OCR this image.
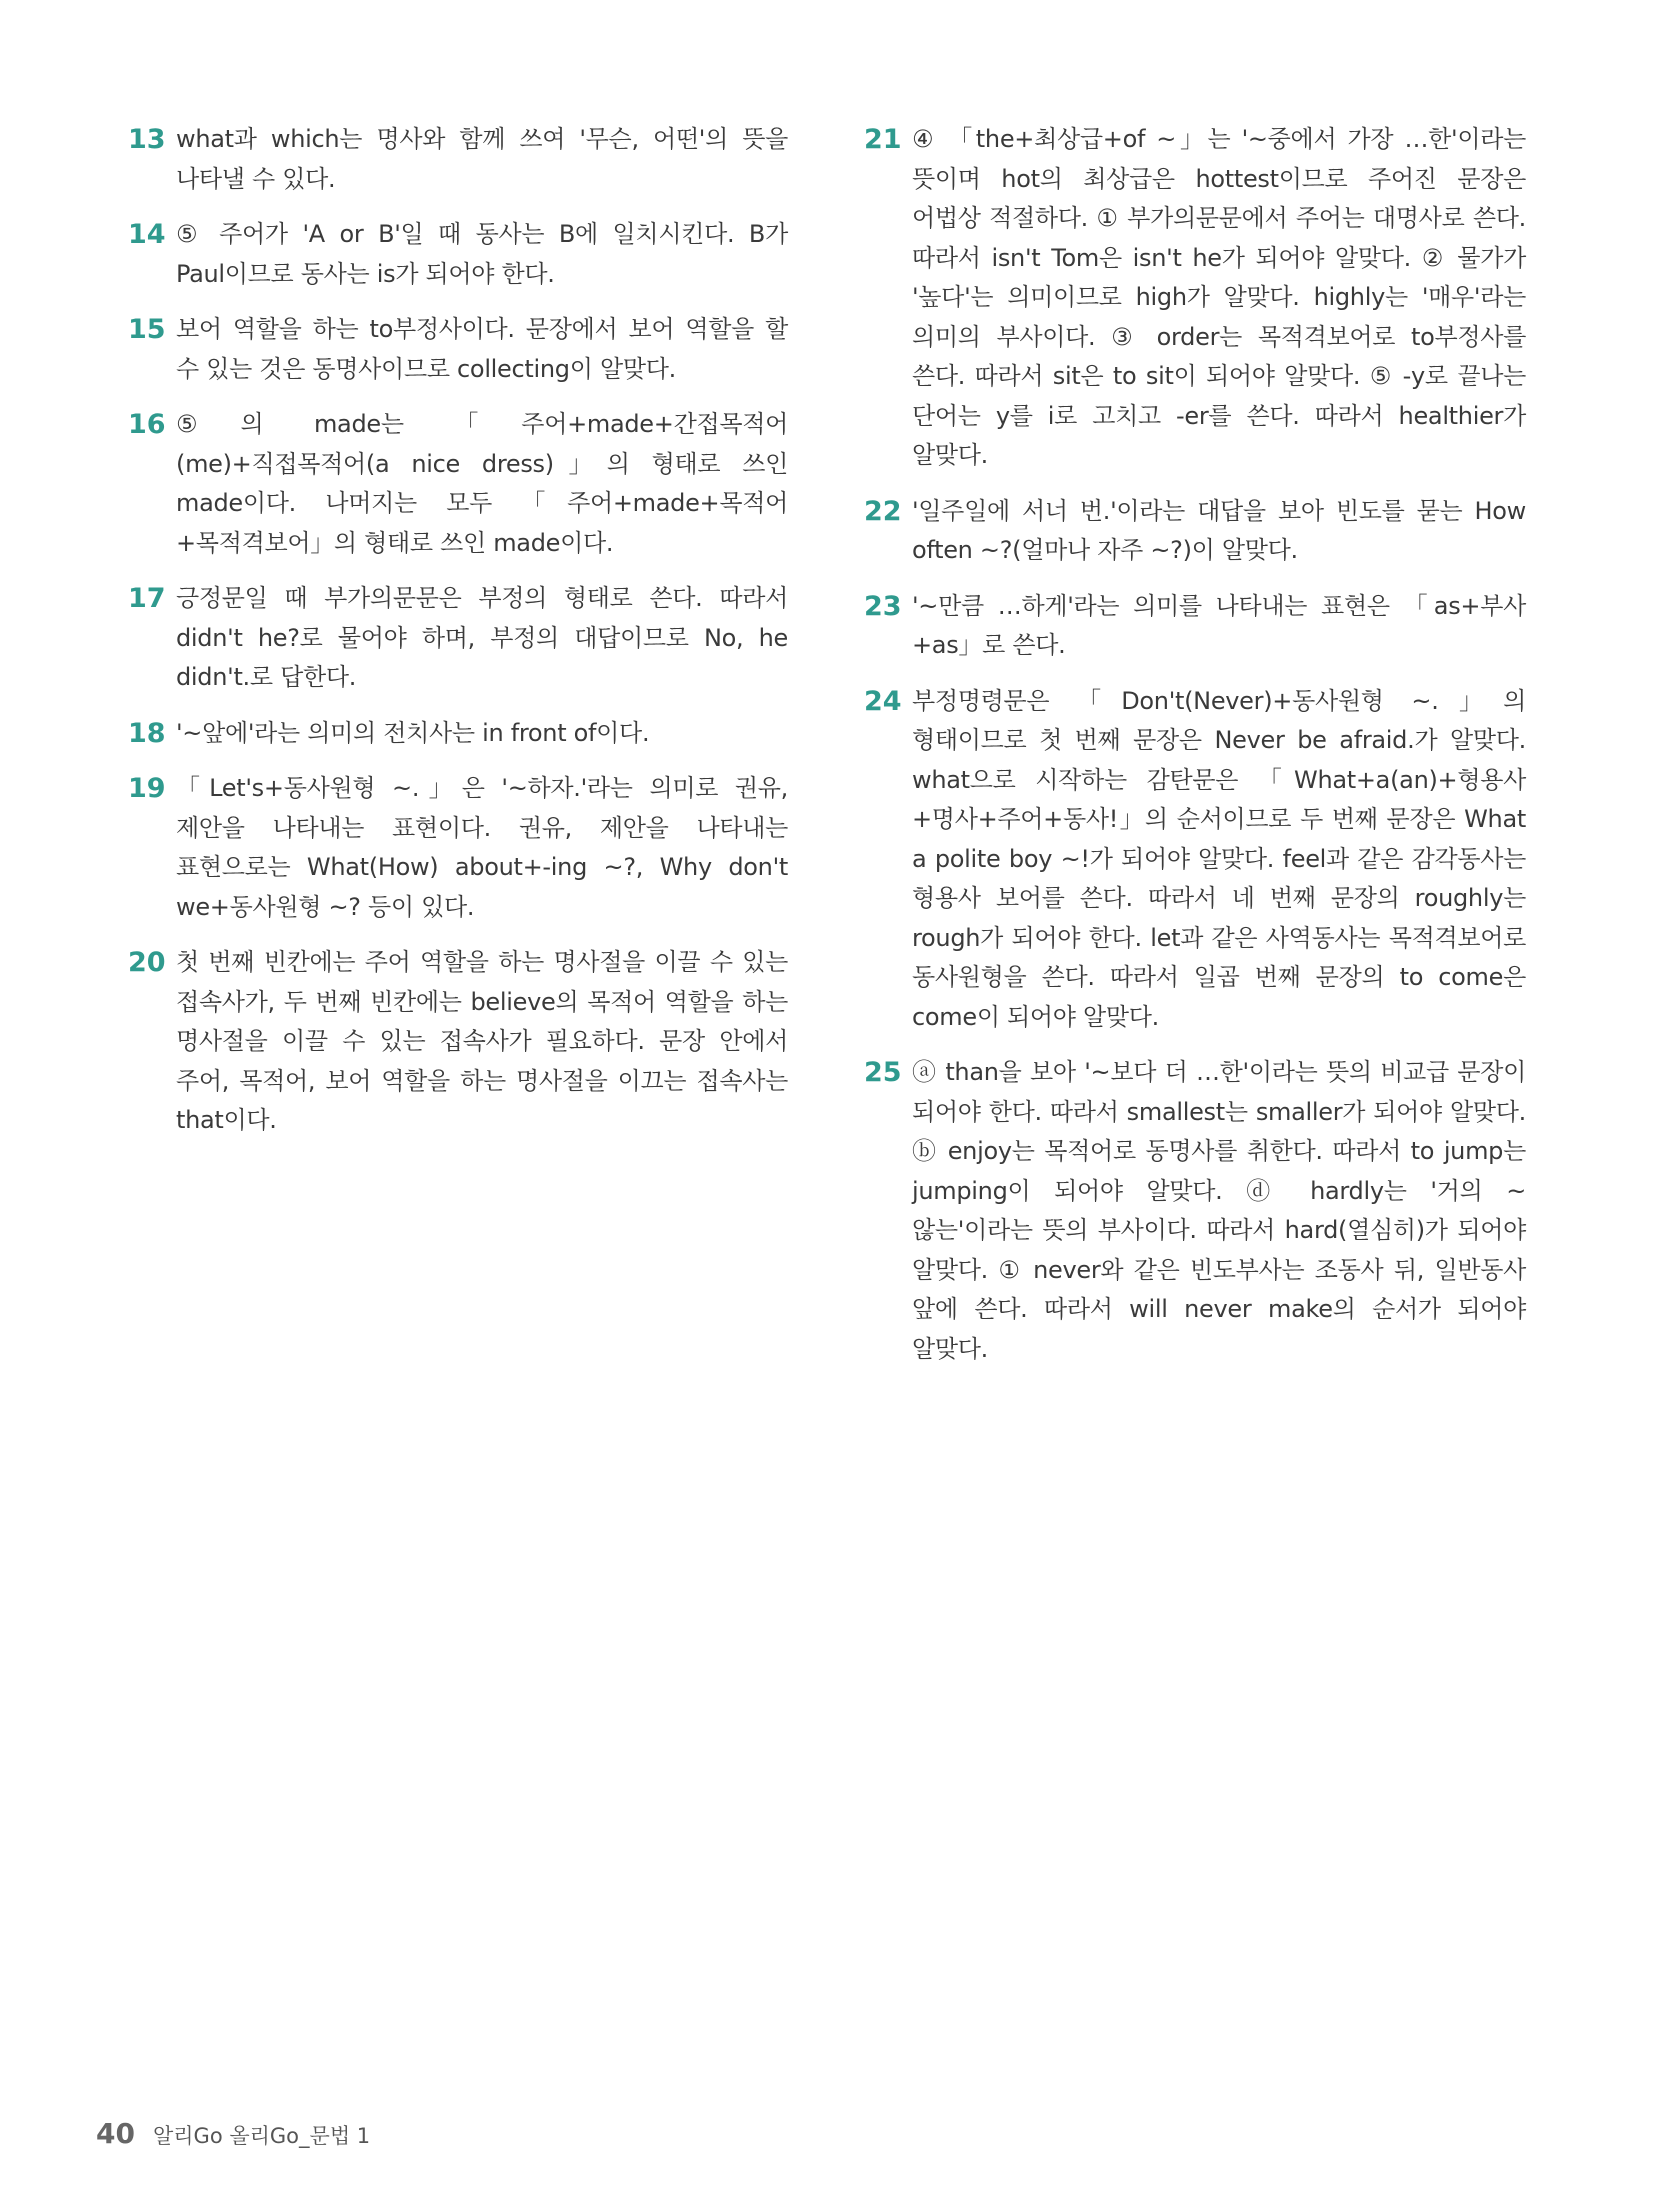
13 what과 which는 명사와 함께 쓰여 '무슨, 어떤'의 뜻을 나타낼 수 있다.
14 ⑤ 주어가 'A or B'일 때 동사는 B에 일치시킨다. B가 Paul이므로 동사는 is가 되어야 한다.
15 보어 역할을 하는 to부정사이다. 문장에서 보어 역할을 할 수 있는 것은 동명사이므로 collecting이 알맞다.
16 ⑤의 made는 「주어+made+간접목적어(me)+직접목적어(a nice dress)」의 형태로 쓰인 made이다. 나머지는 모두 「주어+made+목적어+목적격보어」의 형태로 쓰인 made이다.
17 긍정문일 때 부가의문문은 부정의 형태로 쓴다. 따라서 didn't he?로 물어야 하며, 부정의 대답이므로 No, he didn't.로 답한다.
18 '~앞에'라는 의미의 전치사는 in front of이다.
19 「Let's+동사원형 ~.」은 '~하자.'라는 의미로 권유, 제안을 나타내는 표현이다. 권유, 제안을 나타내는 표현으로는 What(How) about+-ing ~?, Why don't we+동사원형 ~? 등이 있다.
20 첫 번째 빈칸에는 주어 역할을 하는 명사절을 이끌 수 있는 접속사가, 두 번째 빈칸에는 believe의 목적어 역할을 하는 명사절을 이끌 수 있는 접속사가 필요하다. 문장 안에서 주어, 목적어, 보어 역할을 하는 명사절을 이끄는 접속사는 that이다.
21 ④ 「the+최상급+of ~」는 '~중에서 가장 …한'이라는 뜻이며 hot의 최상급은 hottest이므로 주어진 문장은 어법상 적절하다. ① 부가의문문에서 주어는 대명사로 쓴다. 따라서 isn't Tom은 isn't he가 되어야 알맞다. ② 물가가 '높다'는 의미이므로 high가 알맞다. highly는 '매우'라는 의미의 부사이다. ③ order는 목적격보어로 to부정사를 쓴다. 따라서 sit은 to sit이 되어야 알맞다. ⑤ -y로 끝나는 단어는 y를 i로 고치고 -er를 쓴다. 따라서 healthier가 알맞다.
22 '일주일에 서너 번.'이라는 대답을 보아 빈도를 묻는 How often ~?(얼마나 자주 ~?)이 알맞다.
23 '~만큼 …하게'라는 의미를 나타내는 표현은 「as+부사+as」로 쓴다.
24 부정명령문은 「Don't(Never)+동사원형 ~.」의 형태이므로 첫 번째 문장은 Never be afraid.가 알맞다. what으로 시작하는 감탄문은 「What+a(an)+형용사+명사+주어+동사!」의 순서이므로 두 번째 문장은 What a polite boy ~!가 되어야 알맞다. feel과 같은 감각동사는 형용사 보어를 쓴다. 따라서 네 번째 문장의 roughly는 rough가 되어야 한다. let과 같은 사역동사는 목적격보어로 동사원형을 쓴다. 따라서 일곱 번째 문장의 to come은 come이 되어야 알맞다.
25 ⓐ than을 보아 '~보다 더 …한'이라는 뜻의 비교급 문장이 되어야 한다. 따라서 smallest는 smaller가 되어야 알맞다. ⓑ enjoy는 목적어로 동명사를 취한다. 따라서 to jump는 jumping이 되어야 알맞다. ⓓ hardly는 '거의 ~않는'이라는 뜻의 부사이다. 따라서 hard(열심히)가 되어야 알맞다. ① never와 같은 빈도부사는 조동사 뒤, 일반동사 앞에 쓴다. 따라서 will never make의 순서가 되어야 알맞다.
40 알리Go 올리Go_문법 1
